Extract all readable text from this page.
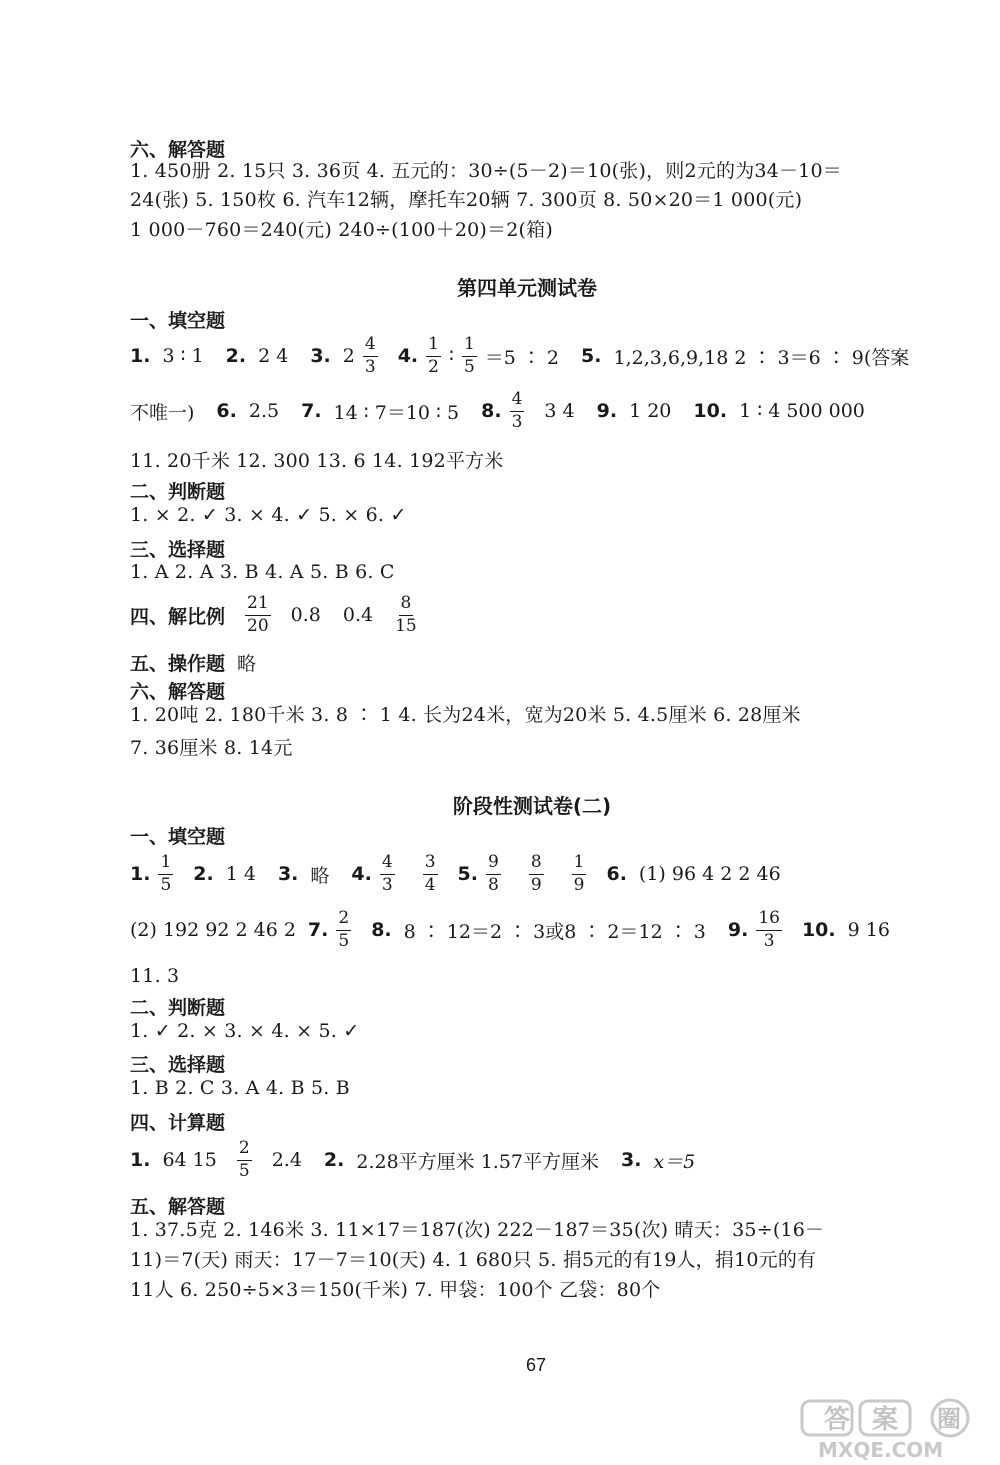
六、解答题
1. 450册 2. 15只 3. 36页 4. 五元的：30÷(5－2)＝10(张)，则2元的为34－10＝
24(张) 5. 150枚 6. 汽车12辆，摩托车20辆 7. 300页 8. 50×20＝1 000(元)
1 000－760＝240(元) 240÷(100＋20)＝2(箱)
第四单元测试卷
一、填空题
1. 3 ∶ 1 2. 2 4 3. $2 \frac{4}{3} 4$. $\frac{1}{2}$ ∶ $\frac{1}{5} =5$ ∶ 2 5. 1,2,3,6,9,18 2 ∶ 3＝6 ∶ 9(答案
不唯一) 6. 2.5 7. 14 ∶ 7＝10 ∶ 5 8. $\frac{4}{3} 3$ 4 9. 1 20 10. 1 ∶ 4 500 000
11. 20千米 12. 300 13. 6 14. 192平方米
二、判断题
1. × 2. ✓ 3. × 4. ✓ 5. × 6. ✓
三、选择题
1. A 2. A 3. B 4. A 5. B 6. C
四、解比例 $\frac{21}{20} 0.8$ $0.4 \frac{8}{15}$
五、操作题 略
六、解答题
1. 20吨 2. 180千米 3. 8 ∶ 1 4. 长为24米，宽为20米 5. 4.5厘米 6. 28厘米
7. 36厘米 8. 14元
阶段性测试卷(二)
一、填空题
1. $\frac{1}{5} 2$. 1 4 3. 略 4. $\frac{4}{3} \frac{3}{4} 5$. $\frac{9}{8} \frac{8}{9} \frac{1}{9} 6$. (1) 96 4 2 2 46
(2) 192 92 2 46 2 7. $\frac{2}{5} 8$. 8 ∶ 12＝2 ∶ 3或8 ∶ 2＝12 ∶ 3 9. $\frac{16}{3} 10$. 9 16
11. 3
二、判断题
1. ✓ 2. × 3. × 4. × 5. ✓
三、选择题
1. B 2. C 3. A 4. B 5. B
四、计算题
1. 64 $15 \frac{2}{5} 2.4$ 2. 2.28平方厘米 1.57平方厘米 3. x＝5
五、解答题
1. 37.5克 2. 146米 3. 11×17＝187(次) 222－187＝35(次) 晴天：35÷(16－
11)＝7(天) 雨天：17－7＝10(天) 4. 1 680只 5. 捐5元的有19人，捐10元的有
11人 6. 250÷5×3＝150(千米) 7. 甲袋：100个 乙袋：80个
67
答 案 圈
MXQE.COM
